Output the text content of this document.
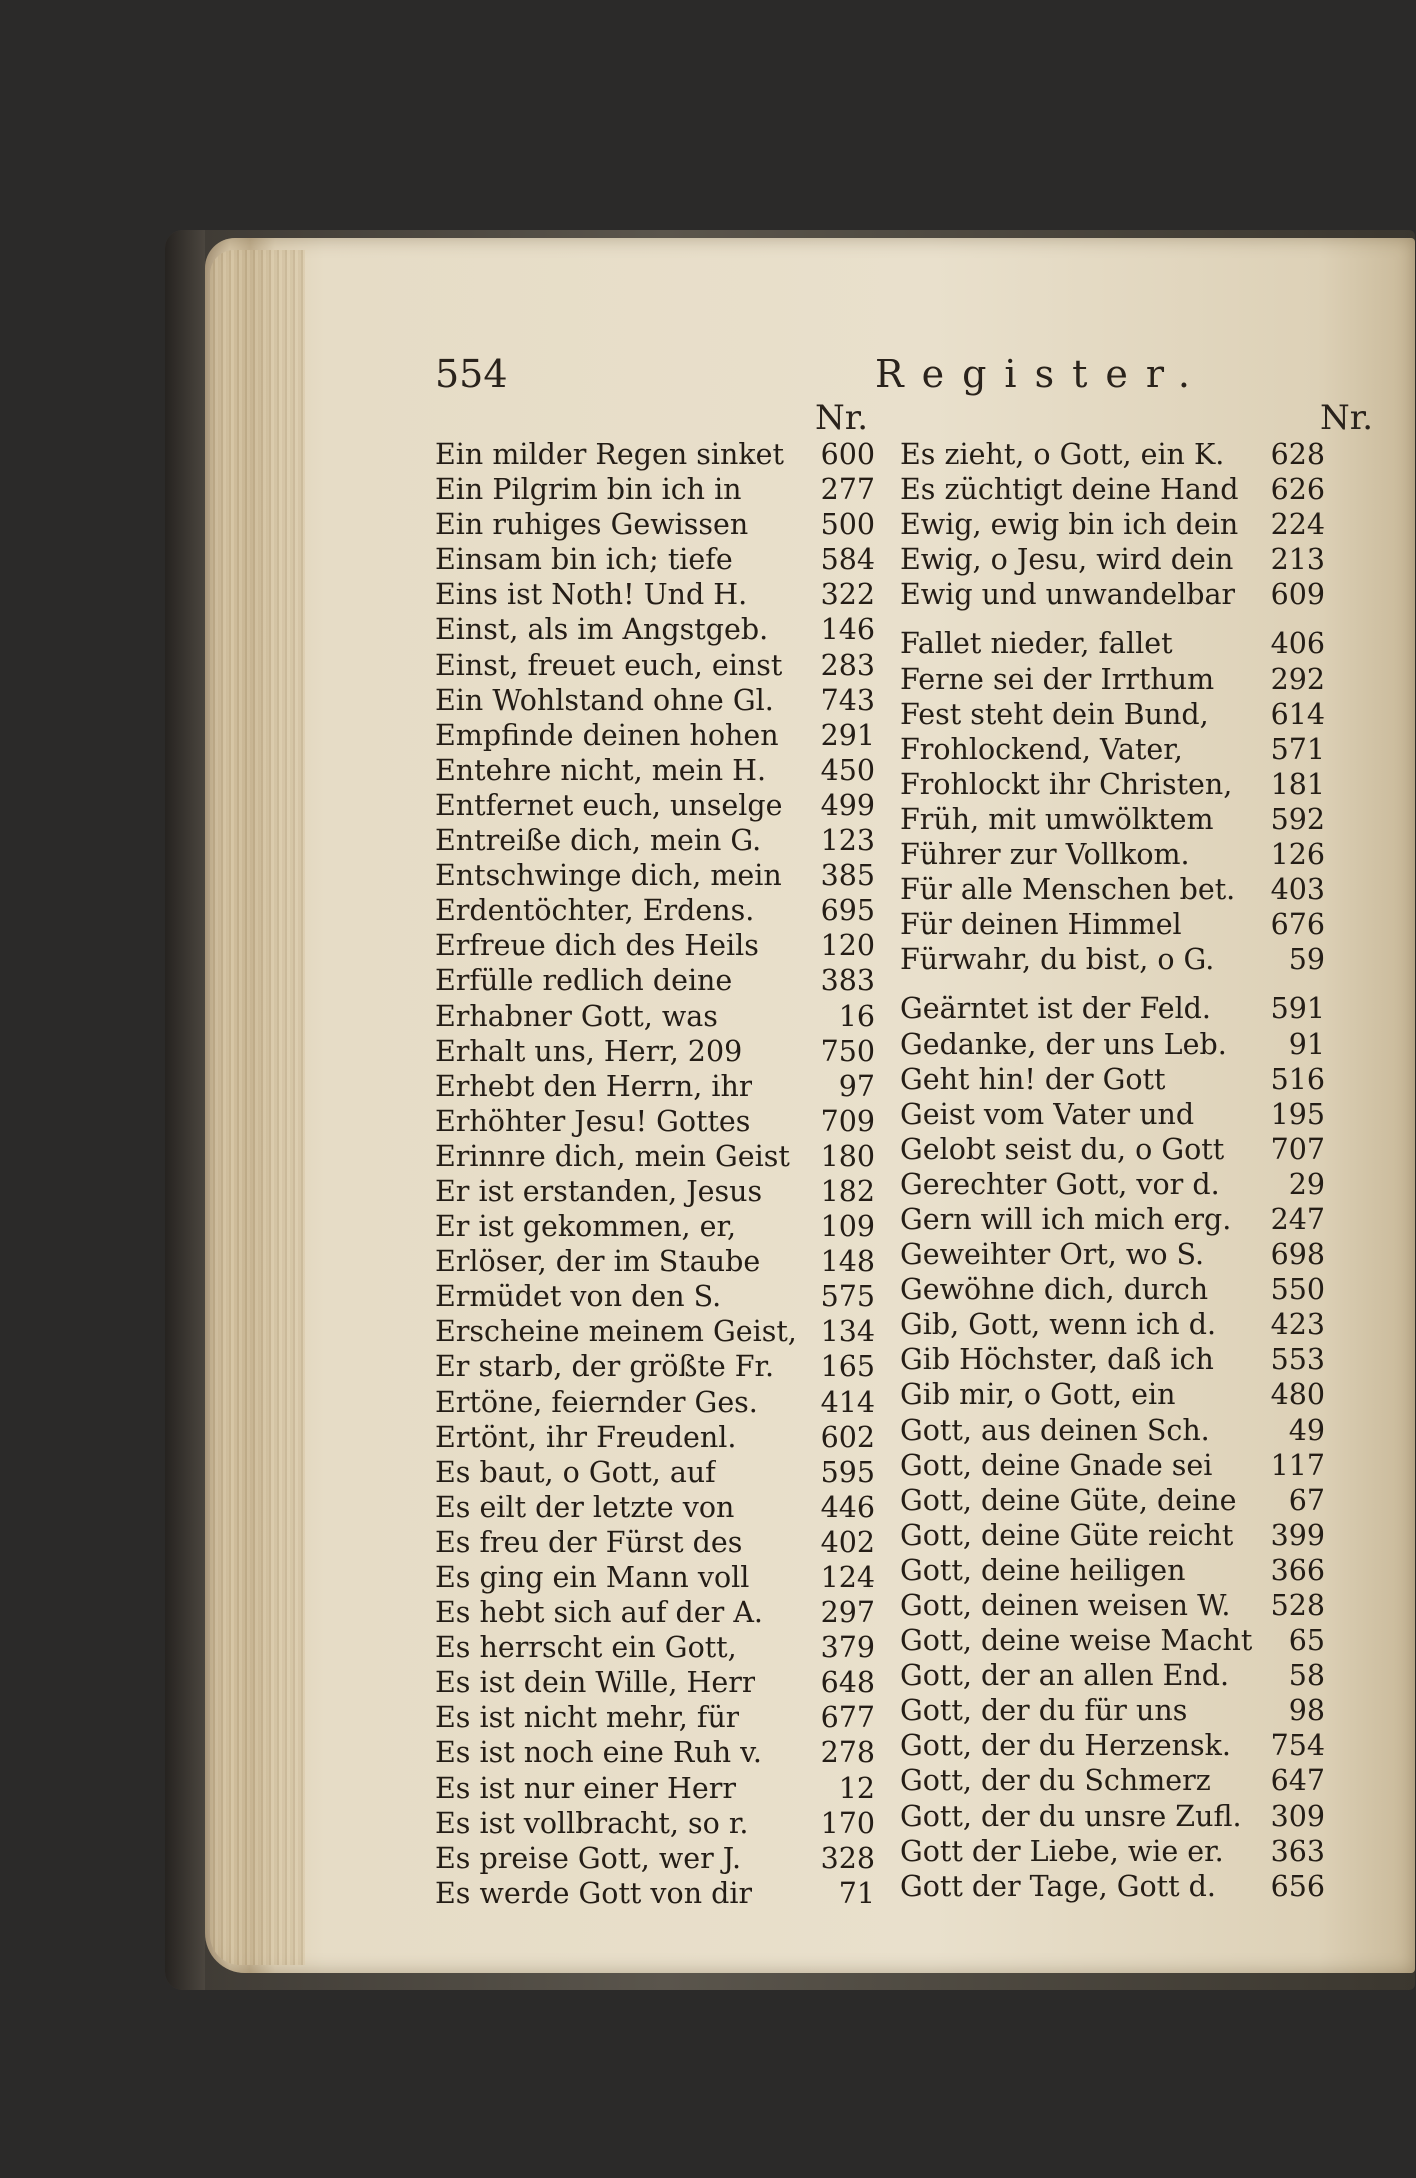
554	Register.
Nr.	Nr.
Ein milder Regen sinket 600
Ein Pilgrim bin ich in	277
Ein ruhiges Gewissen	500
Einsam bin ich; tiefe	584
Eins ist Noth! Und H.	322
Einst, als im Angstgeb. 146
Einst, freuet euch, einst 283
Ein Wohlstand ohne Gl. 743
Empfinde deinen hohen 291
Entehre nicht, mein H. 450
Entfernet euch, unselge 499
Entreiße dich, mein G. 123
Entschwinge dich, mein 385
Erdentöchter, Erdens. 695
Erfreue dich des Heils 120
Erfülle redlich deine	383
Erhabner Gott, was	16
Erhalt uns, Herr, 209	750
Erhebt den Herrn, ihr	97
Erhöhter Jesu! Gottes 709
Erinnre dich, mein Geist 180
Er ist erstanden, Jesus 182
Er ist gekommen, er,	109
Erlöser, der im Staube 148
Ermüdet von den S.	575
Erscheine meinem Geist, 134
Er starb, der größte Fr. 165
Ertöne, feiernder Ges. 414
Ertönt, ihr Freudenl.	602
Es baut, o Gott, auf	595
Es eilt der letzte von	446
Es freu der Fürst des	402
Es ging ein Mann voll	124
Es hebt sich auf der A. 297
Es herrscht ein Gott,	379
Es ist dein Wille, Herr 648
Es ist nicht mehr, für	677
Es ist noch eine Ruh v. 278
Es ist nur einer Herr	12
Es ist vollbracht, so r.	170
Es preise Gott, wer J.	328
Es werde Gott von dir	71
Es zieht, o Gott, ein K. 628
Es züchtigt deine Hand 626
Ewig, ewig bin ich dein 224
Ewig, o Jesu, wird dein 213
Ewig und unwandelbar 609
Fallet nieder, fallet	406
Ferne sei der Irrthum 292
Fest steht dein Bund, 614
Frohlockend, Vater,	571
Frohlockt ihr Christen, 181
Früh, mit umwölktem 592
Führer zur Vollkom.	126
Für alle Menschen bet. 403
Für deinen Himmel	676
Fürwahr, du bist, o G.	59
Geärntet ist der Feld. 591
Gedanke, der uns Leb. 91
Geht hin! der Gott	516
Geist vom Vater und	195
Gelobt seist du, o Gott 707
Gerechter Gott, vor d. 29
Gern will ich mich erg. 247
Geweihter Ort, wo S. 698
Gewöhne dich, durch 550
Gib, Gott, wenn ich d. 423
Gib Höchster, daß ich 553
Gib mir, o Gott, ein	480
Gott, aus deinen Sch.	49
Gott, deine Gnade sei 117
Gott, deine Güte, deine 67
Gott, deine Güte reicht 399
Gott, deine heiligen	366
Gott, deinen weisen W. 528
Gott, deine weise Macht 65
Gott, der an allen End. 58
Gott, der du für uns	98
Gott, der du Herzensk. 754
Gott, der du Schmerz 647
Gott, der du unsre Zufl. 309
Gott der Liebe, wie er. 363
Gott der Tage, Gott d. 656
